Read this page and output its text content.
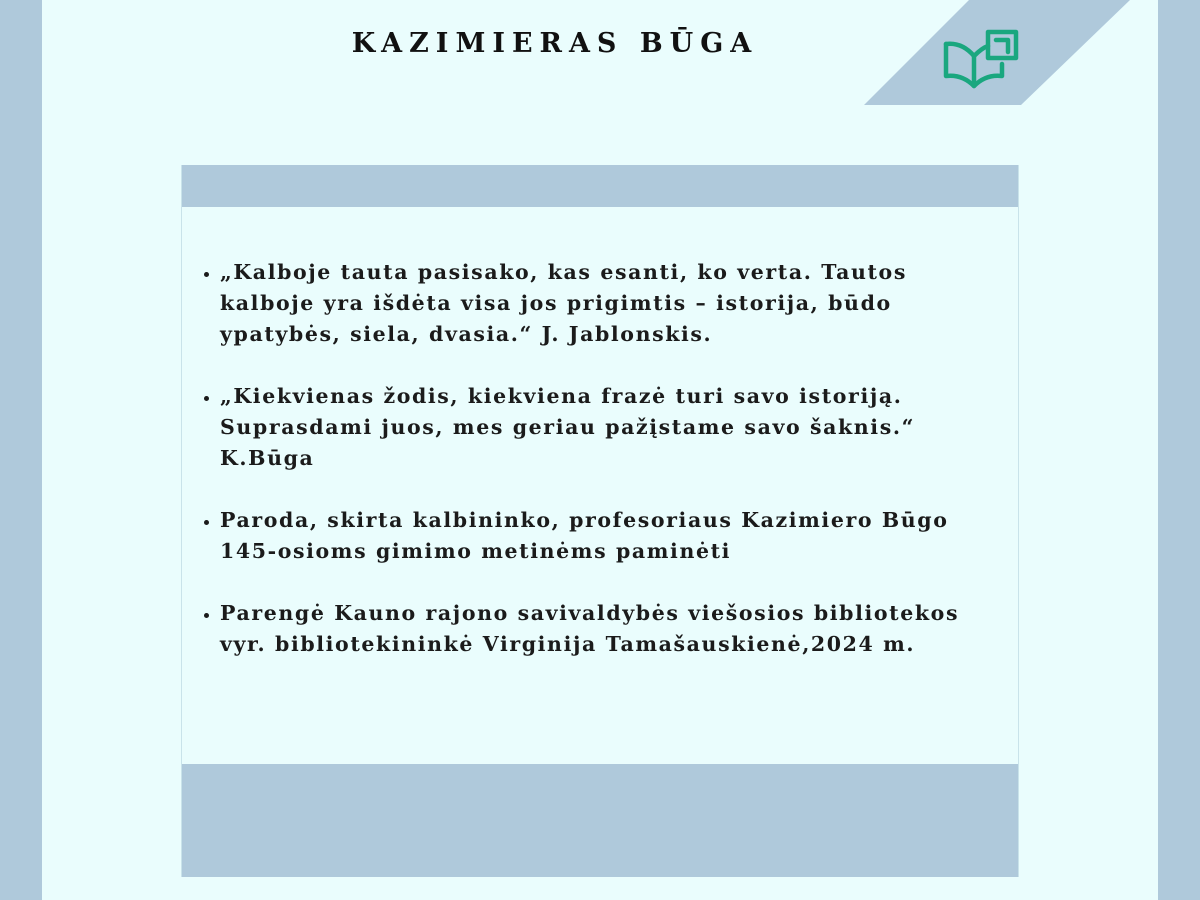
KAZIMIERAS BŪGA
• „Kalboje tauta pasisako, kas esanti, ko verta. Tautos kalboje yra išdėta visa jos prigimtis – istorija, būdo ypatybės, siela, dvasia.“ J. Jablonskis.
• „Kiekvienas žodis, kiekviena frazė turi savo istoriją. Suprasdami juos, mes geriau pažįstame savo šaknis.“ K.Būga
• Paroda, skirta kalbininko, profesoriaus Kazimiero Būgo 145-osioms gimimo metinėms paminėti
• Parengė Kauno rajono savivaldybės viešosios bibliotekos vyr. bibliotekininkė Virginija Tamašauskienė,2024 m.
